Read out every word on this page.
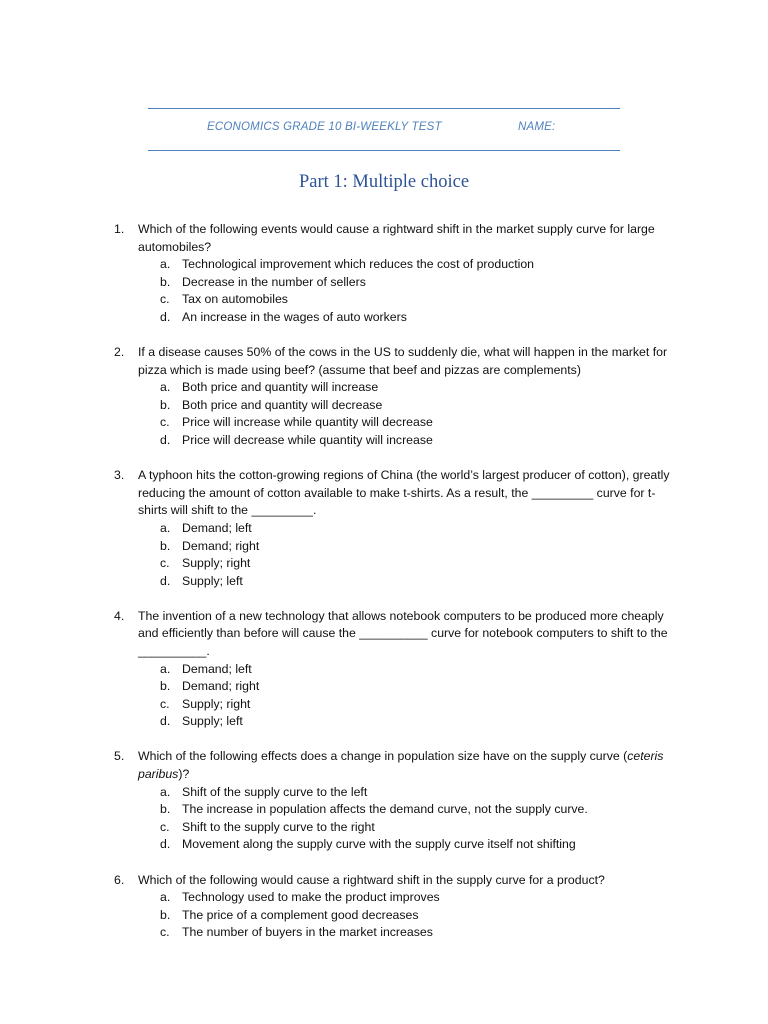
ECONOMICS GRADE 10 BI-WEEKLY TEST	NAME:
Part 1: Multiple choice
1. Which of the following events would cause a rightward shift in the market supply curve for large automobiles?
a. Technological improvement which reduces the cost of production
b. Decrease in the number of sellers
c. Tax on automobiles
d. An increase in the wages of auto workers
2. If a disease causes 50% of the cows in the US to suddenly die, what will happen in the market for pizza which is made using beef? (assume that beef and pizzas are complements)
a. Both price and quantity will increase
b. Both price and quantity will decrease
c. Price will increase while quantity will decrease
d. Price will decrease while quantity will increase
3. A typhoon hits the cotton-growing regions of China (the world’s largest producer of cotton), greatly reducing the amount of cotton available to make t-shirts. As a result, the _________ curve for t-shirts will shift to the _________.
a. Demand; left
b. Demand; right
c. Supply; right
d. Supply; left
4. The invention of a new technology that allows notebook computers to be produced more cheaply and efficiently than before will cause the __________ curve for notebook computers to shift to the __________.
a. Demand; left
b. Demand; right
c. Supply; right
d. Supply; left
5. Which of the following effects does a change in population size have on the supply curve (ceteris paribus)?
a. Shift of the supply curve to the left
b. The increase in population affects the demand curve, not the supply curve.
c. Shift to the supply curve to the right
d. Movement along the supply curve with the supply curve itself not shifting
6. Which of the following would cause a rightward shift in the supply curve for a product?
a. Technology used to make the product improves
b. The price of a complement good decreases
c. The number of buyers in the market increases
